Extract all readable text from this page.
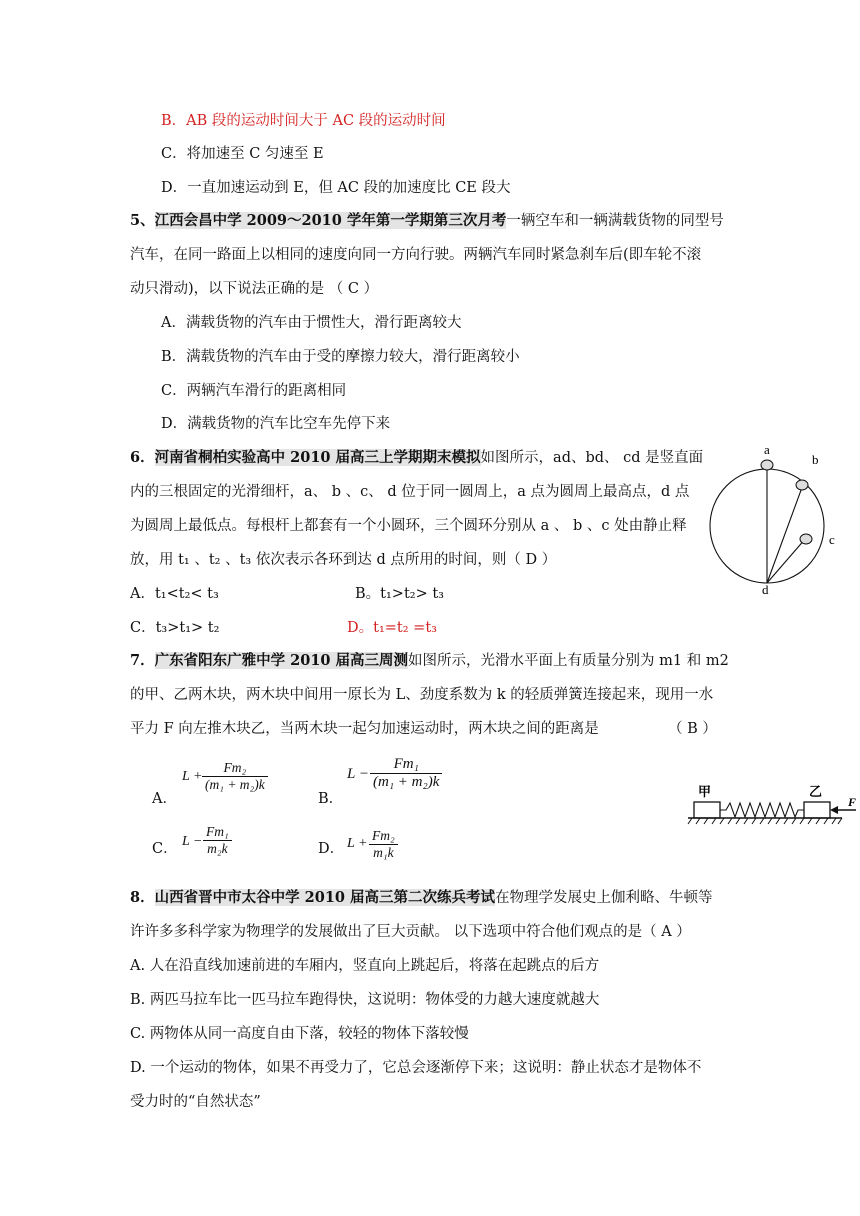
B．AB 段的运动时间大于 AC 段的运动时间
C．将加速至 C 匀速至 E
D．一直加速运动到 E，但 AC 段的加速度比 CE 段大
5、江西会昌中学 2009～2010 学年第一学期第三次月考一辆空车和一辆满载货物的同型号
汽车，在同一路面上以相同的速度向同一方向行驶。两辆汽车同时紧急刹车后(即车轮不滚
动只滑动)，以下说法正确的是 （ C ）
A．满载货物的汽车由于惯性大，滑行距离较大
B．满载货物的汽车由于受的摩擦力较大，滑行距离较小
C．两辆汽车滑行的距离相同
D．满载货物的汽车比空车先停下来
6．河南省桐柏实验高中 2010 届高三上学期期末模拟如图所示，ad、bd、 cd 是竖直面
内的三根固定的光滑细杆，a、 b 、c、 d 位于同一圆周上，a 点为圆周上最高点，d 点
为圆周上最低点。每根杆上都套有一个小圆环，三个圆环分别从 a 、 b 、c 处由静止释
放，用 t₁ 、t₂ 、t₃ 依次表示各环到达 d 点所用的时间，则（ D ）
A．t₁<t₂< t₃	B。t₁>t₂> t₃
C．t₃>t₁> t₂	D。t₁=t₂ =t₃
a
b
c
d
7．广东省阳东广雅中学 2010 届高三周测如图所示，光滑水平面上有质量分别为 m1 和 m2
的甲、乙两木块，两木块中间用一原长为 L、劲度系数为 k 的轻质弹簧连接起来，现用一水
平力 F 向左推木块乙，当两木块一起匀加速运动时，两木块之间的距离是	（ B ）
A．
$L + \frac{\text{Fm₂}}{\text{(m₁ + m₂)k}}$
B．
$L - \frac{\text{Fm₁}}{\text{(m₁ + m₂)k}}$
C． $L - \frac{\text{Fm₁}}{\text{m₂k}}$	D． $L + \frac{\text{Fm₂}}{\text{m₁k}}$
甲	乙
F
8．山西省晋中市太谷中学 2010 届高三第二次练兵考试在物理学发展史上伽利略、牛顿等
许许多多科学家为物理学的发展做出了巨大贡献。 以下选项中符合他们观点的是（ A ）
A. 人在沿直线加速前进的车厢内，竖直向上跳起后，将落在起跳点的后方
B. 两匹马拉车比一匹马拉车跑得快，这说明：物体受的力越大速度就越大
C. 两物体从同一高度自由下落，较轻的物体下落较慢
D. 一个运动的物体，如果不再受力了，它总会逐渐停下来；这说明：静止状态才是物体不
受力时的“自然状态”
